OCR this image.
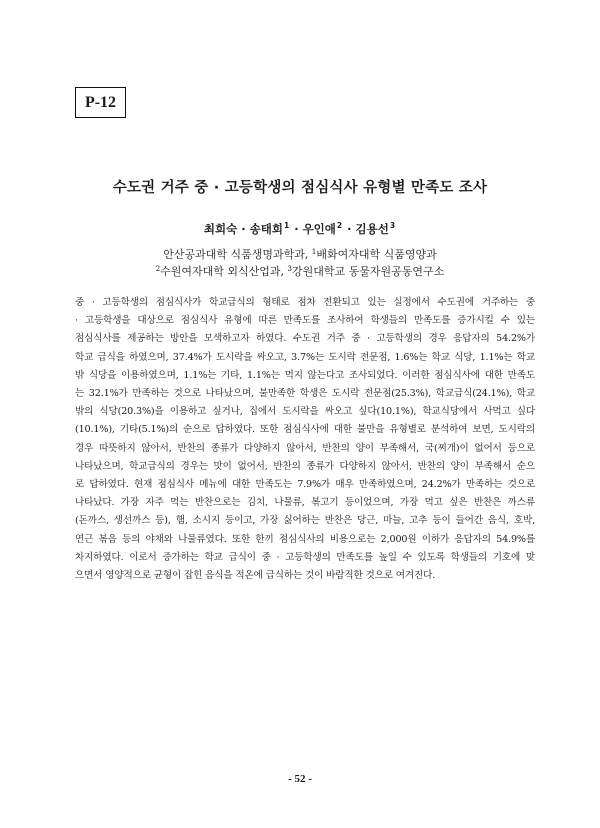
P-12
수도권 거주 중 · 고등학생의 점심식사 유형별 만족도 조사
최희숙 · 송태희$^1$ · 우인애$^2$ · 김용선$^3$
안산공과대학 식품생명과학과, $^1$배화여자대학 식품영양과
$^2$수원여자대학 외식산업과, $^3$강원대학교 동물자원공동연구소
중 · 고등학생의 점심식사가 학교급식의 형태로 점차 전환되고 있는 실정에서 수도권에 거주하는 중
· 고등학생을 대상으로 점심식사 유형에 따른 만족도를 조사하여 학생들의 만족도를 증가시킬 수 있는
점심식사를 제공하는 방안을 모색하고자 하였다. 수도권 거주 중 · 고등학생의 경우 응답자의 54.2%가
학교 급식을 하였으며, 37.4%가 도시락을 싸오고, 3.7%는 도시락 전문점, 1.6%는 학교 식당, 1.1%는 학교
밖 식당을 이용하였으며, 1.1%는 기타, 1.1%는 먹지 않는다고 조사되었다. 이러한 점심식사에 대한 만족도
는 32.1%가 만족하는 것으로 나타났으며, 불만족한 학생은 도시락 전문점(25.3%), 학교급식(24.1%), 학교
밖의 식당(20.3%)을 이용하고 싶거나, 집에서 도시락을 싸오고 싶다(10.1%), 학교식당에서 사먹고 싶다
(10.1%), 기타(5.1%)의 순으로 답하였다. 또한 점심식사에 대한 불만을 유형별로 분석하여 보면, 도시락의
경우 따뜻하지 않아서, 반찬의 종류가 다양하지 않아서, 반찬의 양이 부족해서, 국(찌개)이 없어서 등으로
나타났으며, 학교급식의 경우는 맛이 없어서, 반찬의 종류가 다양하지 않아서, 반찬의 양이 부족해서 순으
로 답하였다. 현재 점심식사 메뉴에 대한 만족도는 7.9%가 매우 만족하였으며, 24.2%가 만족하는 것으로
나타났다. 가장 자주 먹는 반찬으로는 김치, 나물류, 볶고기 등이었으며, 가장 먹고 싶은 반찬은 까스류
(돈까스, 생선까스 등), 햄, 소시지 등이고, 가장 싫어하는 반찬은 당근, 마늘, 고추 등이 들어간 음식, 호박,
연근 볶음 등의 야채와 나물류였다. 또한 한끼 점심식사의 비용으로는 2,000원 이하가 응답자의 54.9%를
차지하였다. 이로서 증가하는 학교 급식이 중 · 고등학생의 만족도를 높일 수 있도록 학생들의 기호에 맞
으면서 영양적으로 균형이 잡힌 음식을 적온에 급식하는 것이 바람직한 것으로 여겨진다.
- 52 -
